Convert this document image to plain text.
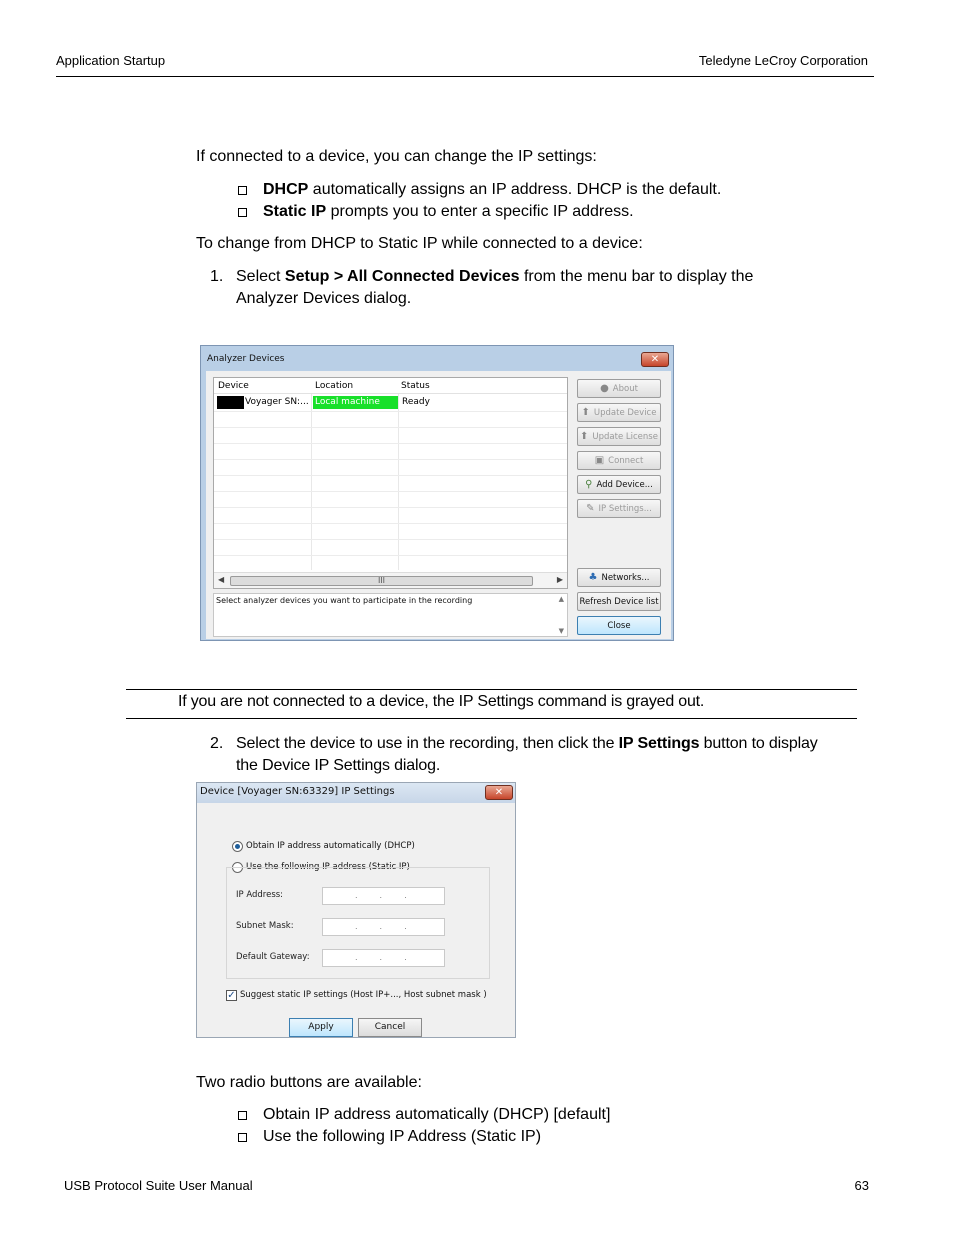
Application Startup	Teledyne LeCroy Corporation
If connected to a device, you can change the IP settings:
DHCP automatically assigns an IP address. DHCP is the default.
Static IP prompts you to enter a specific IP address.
To change from DHCP to Static IP while connected to a device:
1. Select Setup > All Connected Devices from the menu bar to display the
Analyzer Devices dialog.
Analyzer Devices	✕
Device	Location	Status
Voyager SN:... Local machine	Ready
◀	III	▶
Select analyzer devices you want to participate in the recording	▲
▼
● About
⬆ Update Device
⬆ Update License
▣ Connect
⚲ Add Device...
✎ IP Settings...
♣ Networks...
Refresh Device list
Close
If you are not connected to a device, the IP Settings command is grayed out.
2. Select the device to use in the recording, then click the IP Settings button to display
the Device IP Settings dialog.
Device [Voyager SN:63329] IP Settings	✕
Obtain IP address automatically (DHCP)
Use the following IP address (Static IP)
IP Address:	...
Subnet Mask:	...
Default Gateway:	...
✓ Suggest static IP settings (Host IP+..., Host subnet mask )
Apply	Cancel
Two radio buttons are available:
Obtain IP address automatically (DHCP) [default]
Use the following IP Address (Static IP)
USB Protocol Suite User Manual	63
